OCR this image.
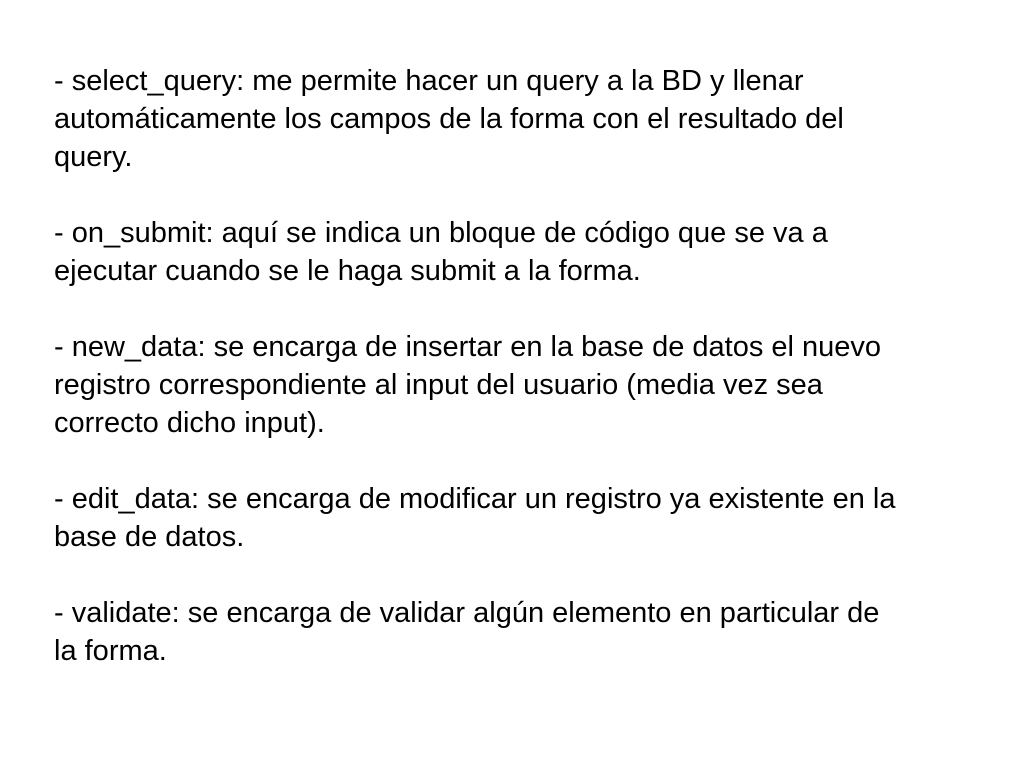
- select_query: me permite hacer un query a la BD y llenar
automáticamente los campos de la forma con el resultado del
query.
- on_submit: aquí se indica un bloque de código que se va a
ejecutar cuando se le haga submit a la forma.
- new_data: se encarga de insertar en la base de datos el nuevo
registro correspondiente al input del usuario (media vez sea
correcto dicho input).
- edit_data: se encarga de modificar un registro ya existente en la
base de datos.
- validate: se encarga de validar algún elemento en particular de
la forma.
